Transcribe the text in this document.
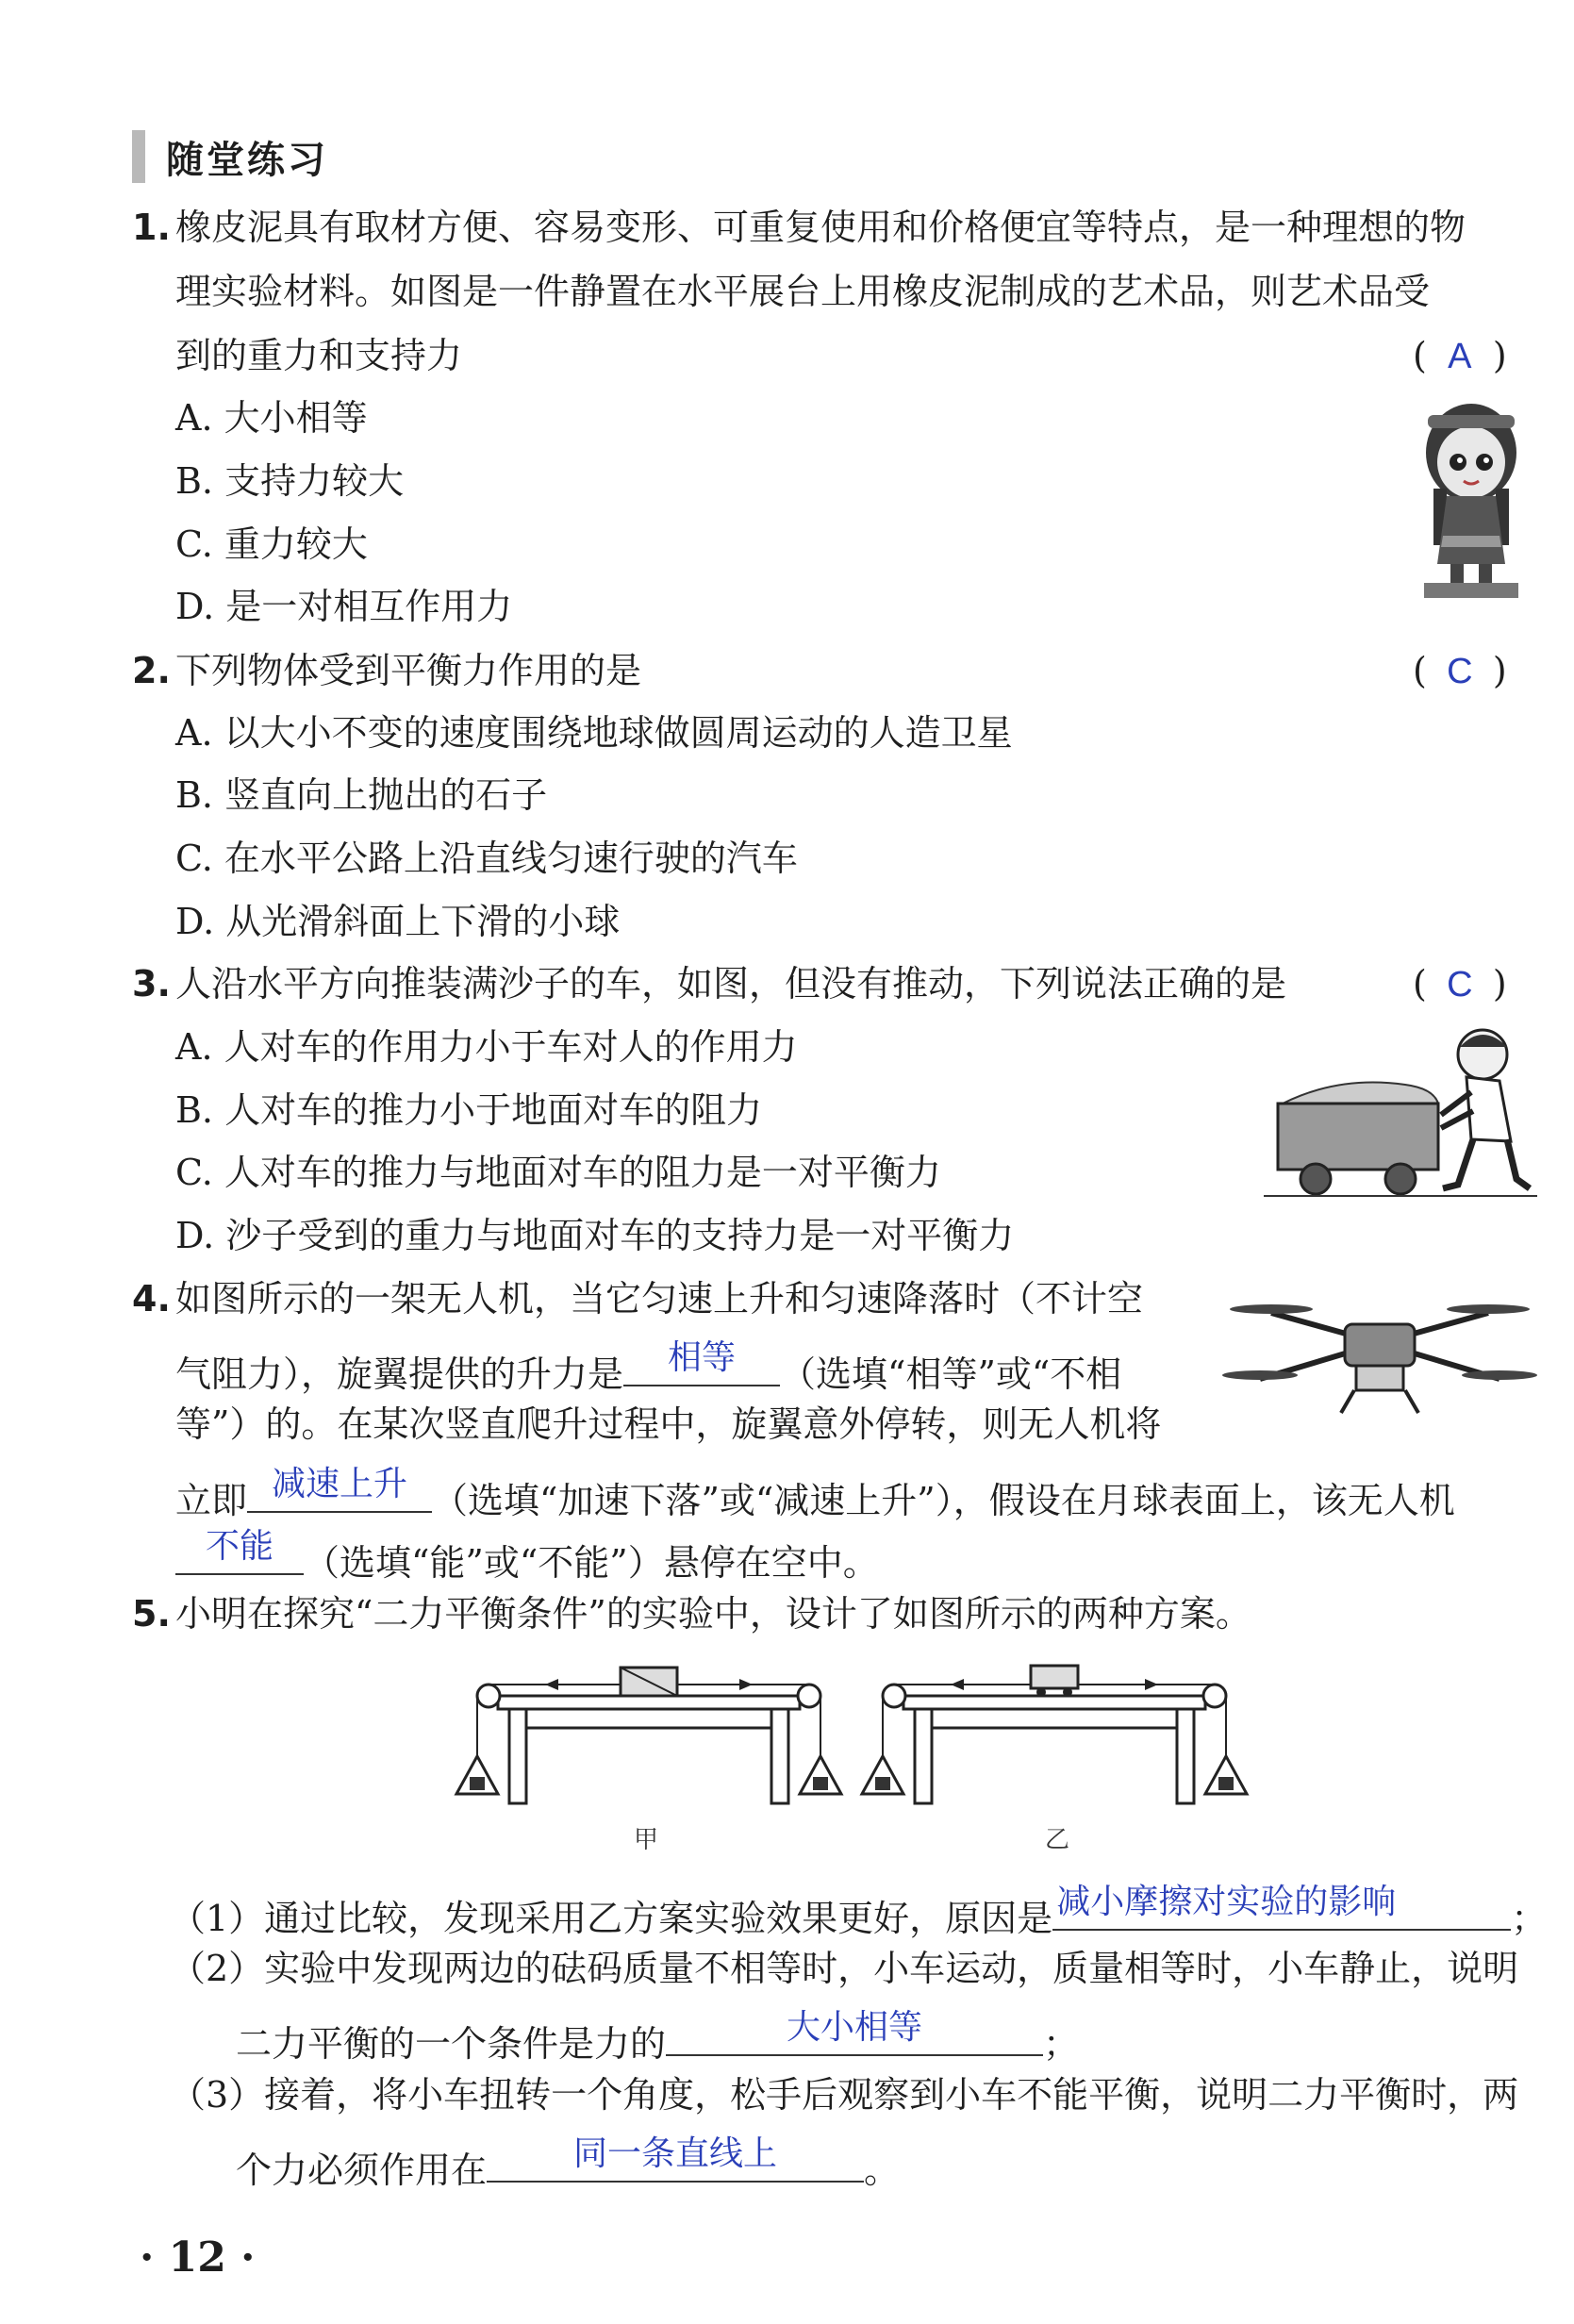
随堂练习
1. 橡皮泥具有取材方便、容易变形、可重复使用和价格便宜等特点，是一种理想的物
理实验材料。如图是一件静置在水平展台上用橡皮泥制成的艺术品，则艺术品受
到的重力和支持力	( A )
A. 大小相等
B. 支持力较大
C. 重力较大
D. 是一对相互作用力
2. 下列物体受到平衡力作用的是	( C )
A. 以大小不变的速度围绕地球做圆周运动的人造卫星
B. 竖直向上抛出的石子
C. 在水平公路上沿直线匀速行驶的汽车
D. 从光滑斜面上下滑的小球
3. 人沿水平方向推装满沙子的车，如图，但没有推动，下列说法正确的是	( C )
A. 人对车的作用力小于车对人的作用力
B. 人对车的推力小于地面对车的阻力
C. 人对车的推力与地面对车的阻力是一对平衡力
D. 沙子受到的重力与地面对车的支持力是一对平衡力
4. 如图所示的一架无人机，当它匀速上升和匀速降落时（不计空
气阻力），旋翼提供的升力是	相等	（选填“相等”或“不相
等”）的。在某次竖直爬升过程中，旋翼意外停转，则无人机将
立即 减速上升 （选填“加速下落”或“减速上升”），假设在月球表面上，该无人机
不能 （选填“能”或“不能”）悬停在空中。
5. 小明在探究“二力平衡条件”的实验中，设计了如图所示的两种方案。
甲	乙
（1）通过比较，发现采用乙方案实验效果更好，原因是 减小摩擦对实验的影响	；
（2）实验中发现两边的砝码质量不相等时，小车运动，质量相等时，小车静止，说明
二力平衡的一个条件是力的	大小相等	；
（3）接着，将小车扭转一个角度，松手后观察到小车不能平衡，说明二力平衡时，两
个力必须作用在	同一条直线上	。
· 12 ·
